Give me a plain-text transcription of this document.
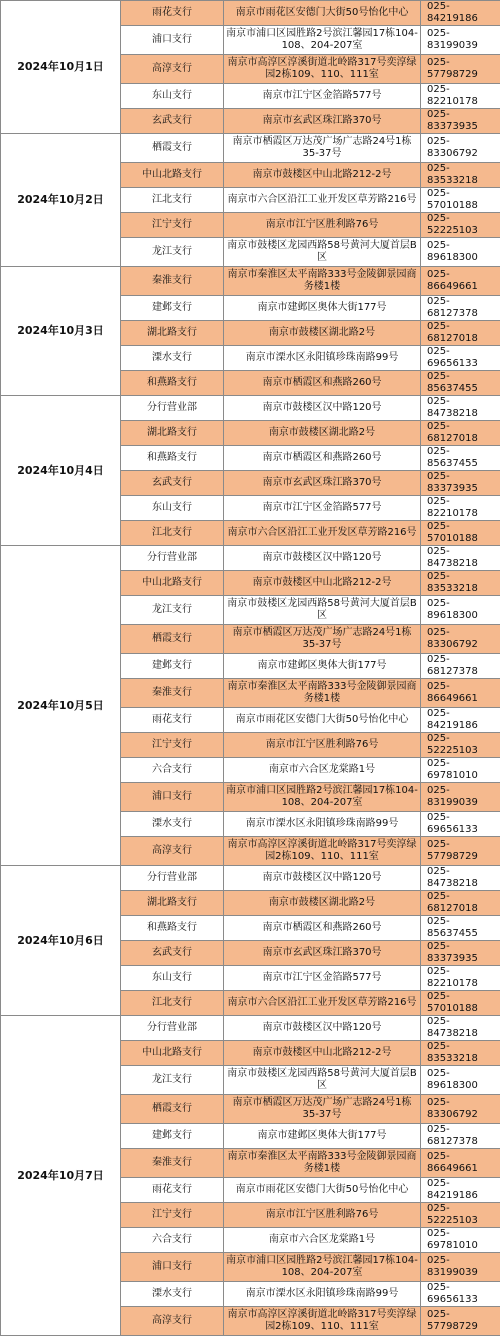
2024年10月1日	雨花支行	南京市雨花区安德门大街50号怡化中心	025-84219186
	浦口支行	南京市浦口区园胜路2号滨江馨园17栋104-108、204-207室	025-83199039
	高淳支行	南京市高淳区淳溪街道北岭路317号奕淳绿园2栋109、110、111室	025-57798729
	东山支行	南京市江宁区金箔路577号	025-82210178
	玄武支行	南京市玄武区珠江路370号	025-83373935
2024年10月2日	栖霞支行	南京市栖霞区万达茂广场广志路24号1栋35-37号	025-83306792
	中山北路支行	南京市鼓楼区中山北路212-2号	025-83533218
	江北支行	南京市六合区沿江工业开发区草芳路216号	025-57010188
	江宁支行	南京市江宁区胜利路76号	025-52225103
	龙江支行	南京市鼓楼区龙园西路58号黄河大厦首层B区	025-89618300
2024年10月3日	秦淮支行	南京市秦淮区太平南路333号金陵御景园商务楼1楼	025-86649661
	建邺支行	南京市建邺区奥体大街177号	025-68127378
	湖北路支行	南京市鼓楼区湖北路2号	025-68127018
	溧水支行	南京市溧水区永阳镇珍珠南路99号	025-69656133
	和燕路支行	南京市栖霞区和燕路260号	025-85637455
2024年10月4日	分行营业部	南京市鼓楼区汉中路120号	025-84738218
	湖北路支行	南京市鼓楼区湖北路2号	025-68127018
	和燕路支行	南京市栖霞区和燕路260号	025-85637455
	玄武支行	南京市玄武区珠江路370号	025-83373935
	东山支行	南京市江宁区金箔路577号	025-82210178
	江北支行	南京市六合区沿江工业开发区草芳路216号	025-57010188
2024年10月5日	分行营业部	南京市鼓楼区汉中路120号	025-84738218
	中山北路支行	南京市鼓楼区中山北路212-2号	025-83533218
	龙江支行	南京市鼓楼区龙园西路58号黄河大厦首层B区	025-89618300
	栖霞支行	南京市栖霞区万达茂广场广志路24号1栋35-37号	025-83306792
	建邺支行	南京市建邺区奥体大街177号	025-68127378
	秦淮支行	南京市秦淮区太平南路333号金陵御景园商务楼1楼	025-86649661
	雨花支行	南京市雨花区安德门大街50号怡化中心	025-84219186
	江宁支行	南京市江宁区胜利路76号	025-52225103
	六合支行	南京市六合区龙棠路1号	025-69781010
	浦口支行	南京市浦口区园胜路2号滨江馨园17栋104-108、204-207室	025-83199039
	溧水支行	南京市溧水区永阳镇珍珠南路99号	025-69656133
	高淳支行	南京市高淳区淳溪街道北岭路317号奕淳绿园2栋109、110、111室	025-57798729
2024年10月6日	分行营业部	南京市鼓楼区汉中路120号	025-84738218
	湖北路支行	南京市鼓楼区湖北路2号	025-68127018
	和燕路支行	南京市栖霞区和燕路260号	025-85637455
	玄武支行	南京市玄武区珠江路370号	025-83373935
	东山支行	南京市江宁区金箔路577号	025-82210178
	江北支行	南京市六合区沿江工业开发区草芳路216号	025-57010188
2024年10月7日	分行营业部	南京市鼓楼区汉中路120号	025-84738218
	中山北路支行	南京市鼓楼区中山北路212-2号	025-83533218
	龙江支行	南京市鼓楼区龙园西路58号黄河大厦首层B区	025-89618300
	栖霞支行	南京市栖霞区万达茂广场广志路24号1栋35-37号	025-83306792
	建邺支行	南京市建邺区奥体大街177号	025-68127378
	秦淮支行	南京市秦淮区太平南路333号金陵御景园商务楼1楼	025-86649661
	雨花支行	南京市雨花区安德门大街50号怡化中心	025-84219186
	江宁支行	南京市江宁区胜利路76号	025-52225103
	六合支行	南京市六合区龙棠路1号	025-69781010
	浦口支行	南京市浦口区园胜路2号滨江馨园17栋104-108、204-207室	025-83199039
	溧水支行	南京市溧水区永阳镇珍珠南路99号	025-69656133
	高淳支行	南京市高淳区淳溪街道北岭路317号奕淳绿园2栋109、110、111室	025-57798729
